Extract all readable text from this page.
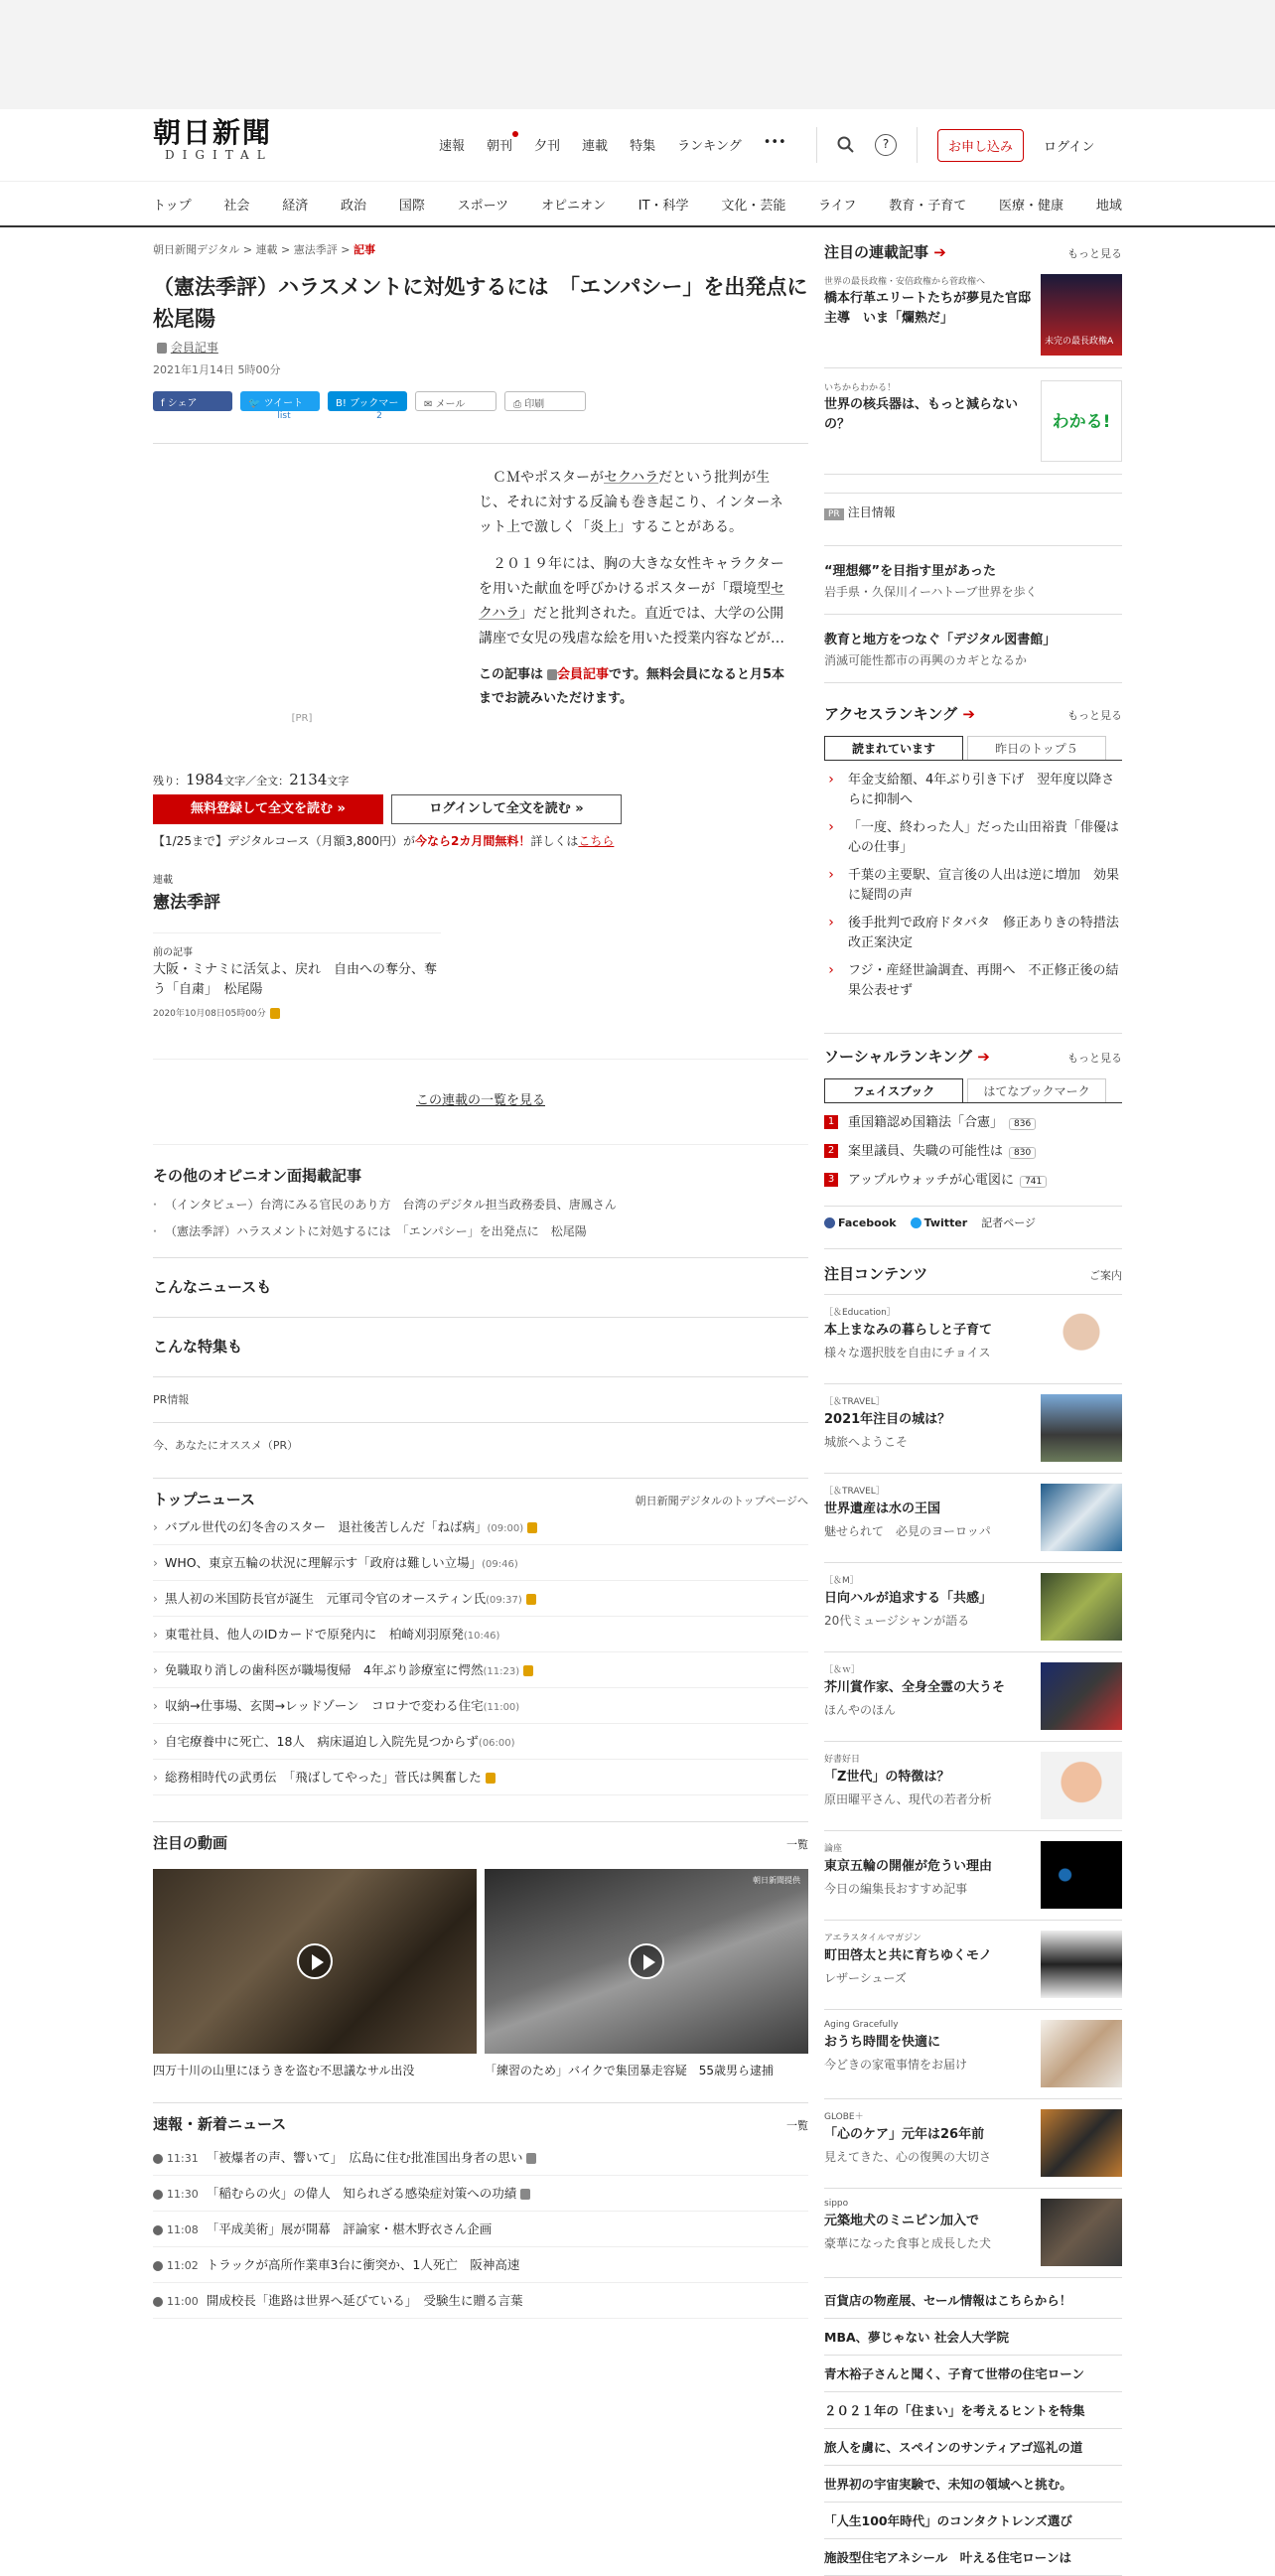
朝日新聞
DIGITAL
速報 朝刊 夕刊 連載 特集 ランキング •••	?	お申し込み	ログイン
トップ	社会	経済	政治	国際	スポーツ	オピニオン	IT・科学	文化・芸能	ライフ	教育・子育て	医療・健康	地域
朝日新聞デジタル > 連載 > 憲法季評 > 記事
（憲法季評）ハラスメントに対処するには　「エンパシー」を出発点に　松尾陽
会員記事
2021年1月14日 5時00分
f シェア	🐦 ツイート	B! ブックマーク
✉ メール	⎙ 印刷
list	2
[PR]

ＣＭやポスターがセクハラだという批判が生じ、それに対する反論も巻き起こり、インターネット上で激しく「炎上」することがある。

２０１９年には、胸の大きな女性キャラクターを用いた献血を呼びかけるポスターが「環境型セクハラ」だと批判された。直近では、大学の公開講座で女児の残虐な絵を用いた授業内容などが…

この記事は 会員記事です。無料会員になると月5本までお読みいただけます。
残り：1984文字／全文：2134文字
無料登録して全文を読む »	ログインして全文を読む »
【1/25まで】デジタルコース（月額3,800円）が今なら2カ月間無料！詳しくはこちら
連載
憲法季評
前の記事
大阪・ミナミに活気よ、戻れ　自由への奪分、奪う「自粛」　松尾陽
2020年10月08日05時00分
この連載の一覧を見る
その他のオピニオン面掲載記事
・ （インタビュー）台湾にみる官民のあり方　台湾のデジタル担当政務委員、唐鳳さん
・ （憲法季評）ハラスメントに対処するには　「エンパシー」を出発点に　松尾陽
こんなニュースも
こんな特集も
PR情報
今、あなたにオススメ（PR）
トップニュース	朝日新聞デジタルのトップページへ
› バブル世代の幻冬舎のスター　退社後苦しんだ「ねば病」(09:00)
› WHO、東京五輪の状況に理解示す「政府は難しい立場」(09:46)
› 黒人初の米国防長官が誕生　元軍司令官のオースティン氏(09:37)
› 東電社員、他人のIDカードで原発内に　柏崎刈羽原発(10:46)
› 免職取り消しの歯科医が職場復帰　4年ぶり診療室に愕然(11:23)
› 収納→仕事場、玄関→レッドゾーン　コロナで変わる住宅(11:00)
› 自宅療養中に死亡、18人　病床逼迫し入院先見つからず(06:00)
› 総務相時代の武勇伝　「飛ばしてやった」菅氏は興奮した
注目の動画	一覧
四万十川の山里にほうきを盗む不思議なサル出没
朝日新聞提供
「練習のため」バイクで集団暴走容疑　55歳男ら逮捕
速報・新着ニュース	一覧
11:31 「被爆者の声、響いて」　広島に住む批准国出身者の思い
11:30 「稲むらの火」の偉人　知られざる感染症対策への功績
11:08 「平成美術」展が開幕　評論家・椹木野衣さん企画
11:02 トラックが高所作業車3台に衝突か、1人死亡　阪神高速
11:00 開成校長「進路は世界へ延びている」　受験生に贈る言葉
注目の連載記事 ➔	もっと見る
世界の最長政権・安倍政権から菅政権へ
橋本行革エリートたちが夢見た官邸主導　いま「爛熟だ」
未完の最長政権A
いちからわかる！
世界の核兵器は、もっと減らないの？	わかる!
PR 注目情報
“理想郷”を目指す里があった
岩手県・久保川イーハトーブ世界を歩く
教育と地方をつなぐ「デジタル図書館」
消滅可能性都市の再興のカギとなるか
アクセスランキング ➔	もっと見る
読まれています	昨日のトップ５
›	年金支給額、4年ぶり引き下げ　翌年度以降さらに抑制へ
›	「一度、終わった人」だった山田裕貴「俳優は心の仕事」
›	千葉の主要駅、宣言後の人出は逆に増加　効果に疑問の声
›	後手批判で政府ドタバタ　修正ありきの特措法改正案決定
›	フジ・産経世論調査、再開へ　不正修正後の結果公表せず
ソーシャルランキング ➔	もっと見る
フェイスブック	はてなブックマーク
1 重国籍認め国籍法「合憲」 836
2 案里議員、失職の可能性は 830
3 アップルウォッチが心電図に 741
Facebook	Twitter 記者ページ
注目コンテンツ	ご案内
［＆Education］
本上まなみの暮らしと子育て
様々な選択肢を自由にチョイス
［＆TRAVEL］
2021年注目の城は？
城旅へようこそ
［＆TRAVEL］
世界遺産は水の王国
魅せられて　必見のヨーロッパ
［＆M］
日向ハルが追求する「共感」
20代ミュージシャンが語る
［＆ｗ］
芥川賞作家、全身全霊の大うそ
ほんやのほん
好書好日
「Z世代」の特徴は？
原田曜平さん、現代の若者分析
論座
東京五輪の開催が危うい理由
今日の編集長おすすめ記事
アエラスタイルマガジン
町田啓太と共に育ちゆくモノ
レザーシューズ
Aging Gracefully
おうち時間を快適に
今どきの家電事情をお届け
GLOBE＋
「心のケア」元年は26年前
見えてきた、心の復興の大切さ
sippo
元築地犬のミニピン加入で
豪華になった食事と成長した犬
百貨店の物産展、セール情報はこちらから！
MBA、夢じゃない 社会人大学院
青木裕子さんと聞く、子育て世帯の住宅ローン
２０２１年の「住まい」を考えるヒントを特集
旅人を虜に、スペインのサンティアゴ巡礼の道
世界初の宇宙実験で、未知の領域へと挑む。
「人生100年時代」のコンタクトレンズ選び
施設型住宅アネシール　叶える住宅ローンは
